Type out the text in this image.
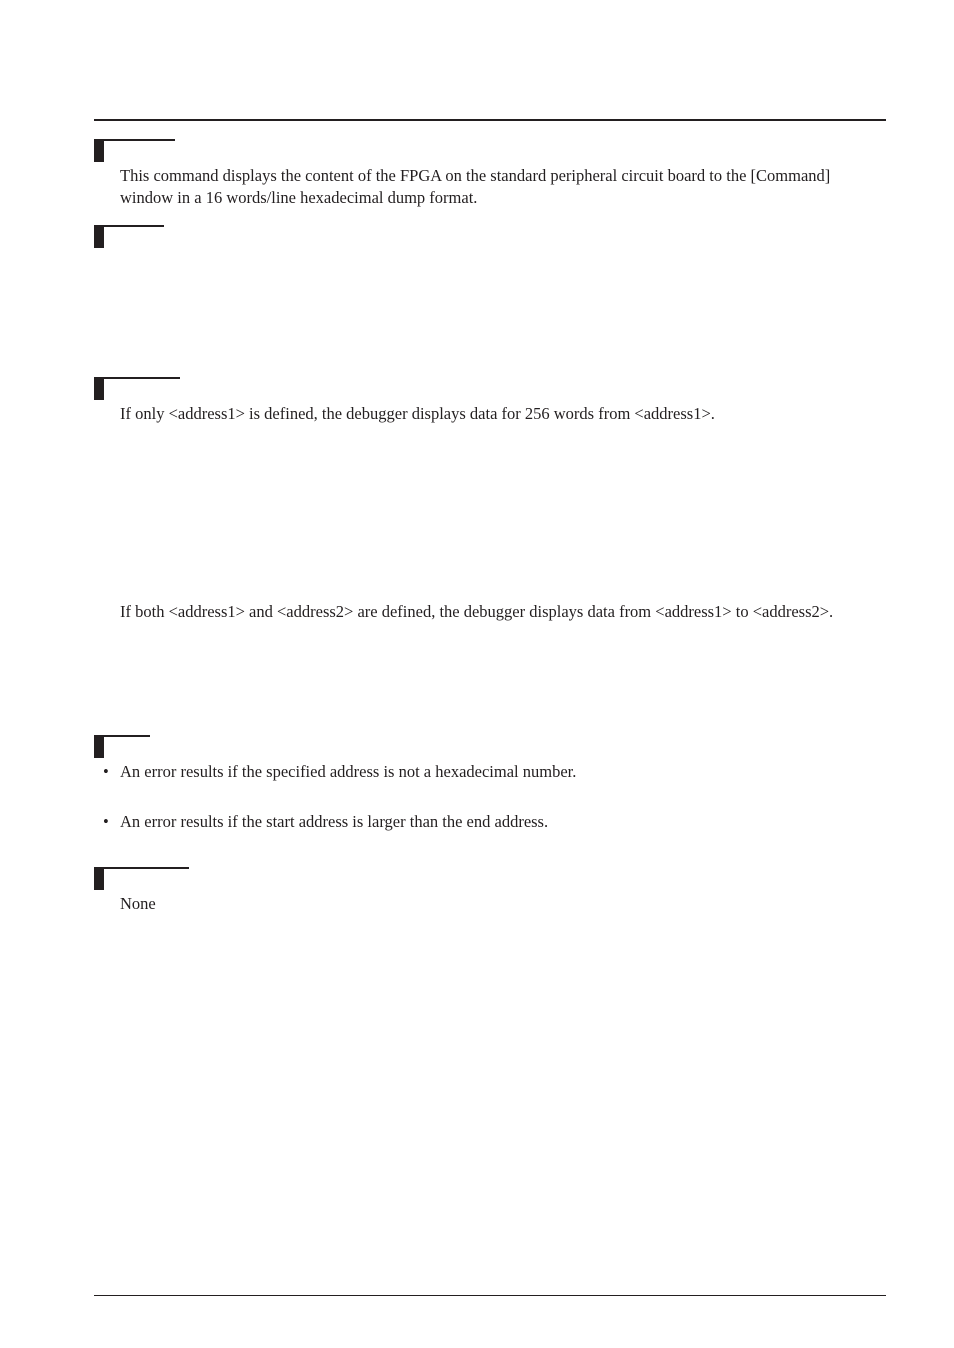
This command displays the content of the FPGA on the standard peripheral circuit board to the [Command] window in a 16 words/line hexadecimal dump format.

If only <address1> is defined, the debugger displays data for 256 words from <address1>.

If both <address1> and <address2> are defined, the debugger displays data from <address1> to <address2>.

• An error results if the specified address is not a hexadecimal number.
• An error results if the start address is larger than the end address.

None
